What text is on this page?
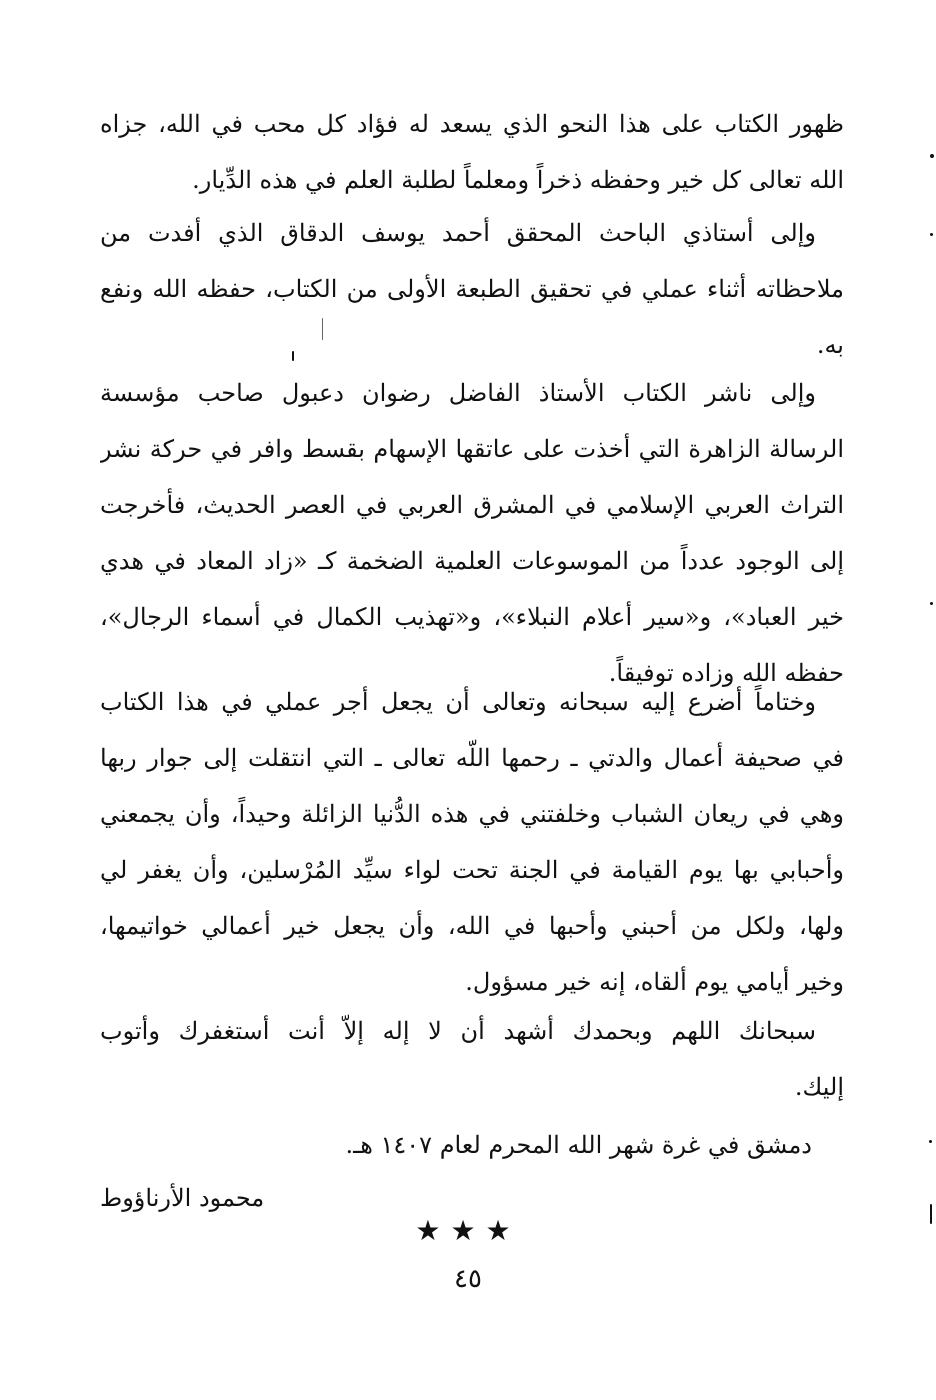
ظهور الكتاب على هذا النحو الذي يسعد له فؤاد كل محب في الله، جزاه
الله تعالى كل خير وحفظه ذخراً ومعلماً لطلبة العلم في هذه الدِّيار.
وإلى أستاذي الباحث المحقق أحمد يوسف الدقاق الذي أفدت من
ملاحظاته أثناء عملي في تحقيق الطبعة الأولى من الكتاب، حفظه الله ونفع
به.
وإلى ناشر الكتاب الأستاذ الفاضل رضوان دعبول صاحب مؤسسة
الرسالة الزاهرة التي أخذت على عاتقها الإسهام بقسط وافر في حركة نشر
التراث العربي الإسلامي في المشرق العربي في العصر الحديث، فأخرجت
إلى الوجود عدداً من الموسوعات العلمية الضخمة كـ «زاد المعاد في هدي
خير العباد»، و«سير أعلام النبلاء»، و«تهذيب الكمال في أسماء الرجال»،
حفظه الله وزاده توفيقاً.
وختاماً أضرع إليه سبحانه وتعالى أن يجعل أجر عملي في هذا الكتاب
في صحيفة أعمال والدتي ـ رحمها اللّه تعالى ـ التي انتقلت إلى جوار ربها
وهي في ريعان الشباب وخلفتني في هذه الدُّنيا الزائلة وحيداً، وأن يجمعني
وأحبابي بها يوم القيامة في الجنة تحت لواء سيِّد المُرْسلين، وأن يغفر لي
ولها، ولكل من أحبني وأحبها في الله، وأن يجعل خير أعمالي خواتيمها،
وخير أيامي يوم ألقاه، إنه خير مسؤول.
سبحانك اللهم وبحمدك أشهد أن لا إله إلاّ أنت أستغفرك وأتوب
إليك.
دمشق في غرة شهر الله المحرم لعام ١٤٠٧ هـ.
محمود الأرناؤوط
★★★
٤٥
